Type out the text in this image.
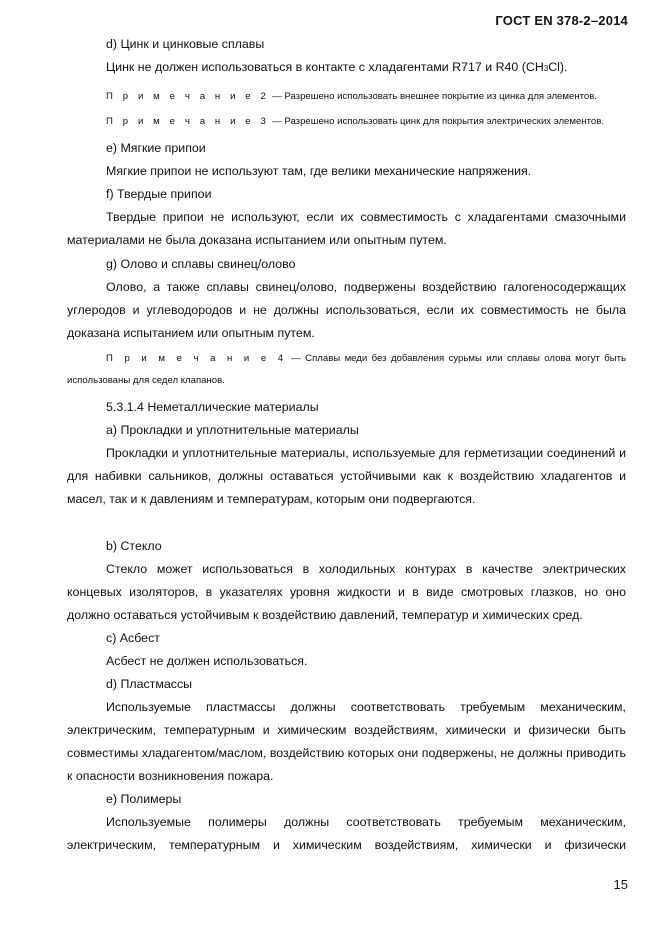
ГОСТ EN 378-2–2014
d) Цинк и цинковые сплавы
Цинк не должен использоваться в контакте с хладагентами R717 и R40 (CH3Cl).
П р и м е ч а н и е 2 — Разрешено использовать внешнее покрытие из цинка для элементов.
П р и м е ч а н и е 3 — Разрешено использовать цинк для покрытия электрических элементов.
e) Мягкие припои
Мягкие припои не используют там, где велики механические напряжения.
f) Твердые припои
Твердые припои не используют, если их совместимость с хладагентами смазочными материалами не была доказана испытанием или опытным путем.
g) Олово и сплавы свинец/олово
Олово, а также сплавы свинец/олово, подвержены воздействию галогеносодержащих углеродов и углеводородов и не должны использоваться, если их совместимость не была доказана испытанием или опытным путем.
П р и м е ч а н и е 4 — Сплавы меди без добавления сурьмы или сплавы олова могут быть использованы для седел клапанов.
5.3.1.4 Неметаллические материалы
a) Прокладки и уплотнительные материалы
Прокладки и уплотнительные материалы, используемые для герметизации соединений и для набивки сальников, должны оставаться устойчивыми как к воздействию хладагентов и масел, так и к давлениям и температурам, которым они подвергаются.
b) Стекло
Стекло может использоваться в холодильных контурах в качестве электрических концевых изоляторов, в указателях уровня жидкости и в виде смотровых глазков, но оно должно оставаться устойчивым к воздействию давлений, температур и химических сред.
c) Асбест
Асбест не должен использоваться.
d) Пластмассы
Используемые пластмассы должны соответствовать требуемым механическим, электрическим, температурным и химическим воздействиям, химически и физически быть совместимы хладагентом/маслом, воздействию которых они подвержены, не должны приводить к опасности возникновения пожара.
e) Полимеры
Используемые полимеры должны соответствовать требуемым механическим, электрическим, температурным и химическим воздействиям, химически и физически
15
